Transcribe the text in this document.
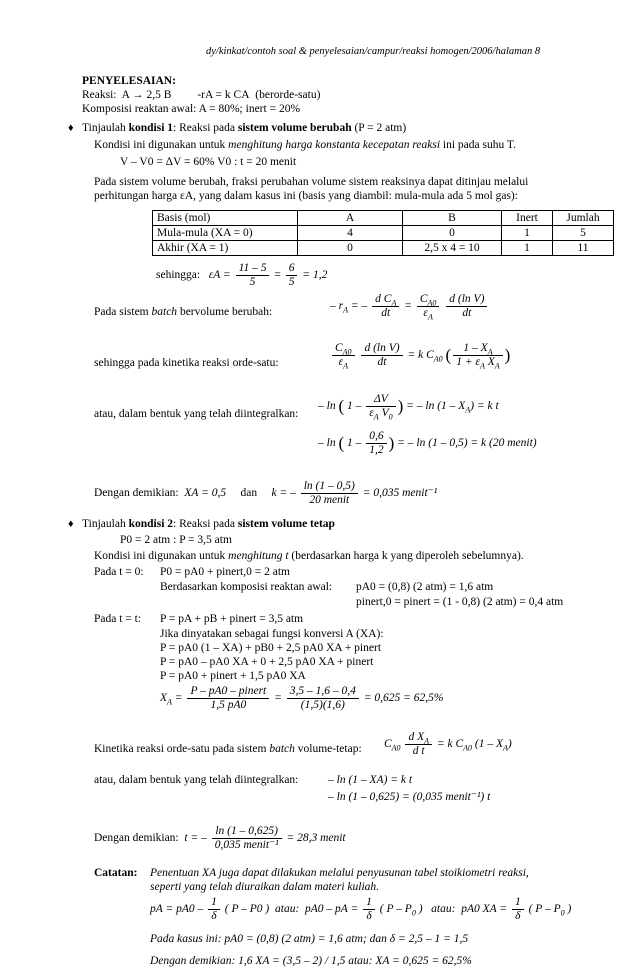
dy/kinkat/contoh soal & penyelesaian/campur/reaksi homogen/2006/halaman 8
PENYELESAIAN:
Reaksi: A → 2,5 B -rA = k CA (berorde-satu)
Komposisi reaktan awal: A = 80%; inert = 20%
♦ Tinjaulah kondisi 1: Reaksi pada sistem volume berubah (P = 2 atm)
Kondisi ini digunakan untuk menghitung harga konstanta kecepatan reaksi ini pada suhu T.
V – V0 = ΔV = 60% V0 : t = 20 menit
Pada sistem volume berubah, fraksi perubahan volume sistem reaksinya dapat ditinjau melalui
perhitungan harga εA, yang dalam kasus ini (basis yang diambil: mula-mula ada 5 mol gas):
Basis (mol)	A	B	Inert	Jumlah
Mula-mula (XA = 0)	4	0	1	5
Akhir (XA = 1)	0	2,5 x 4 = 10	1	11
sehingga: $\varepsilon A = \frac{11 - 5}{5} = \frac{6}{5} = 1,2$
Pada sistem batch bervolume berubah:	– $r_A$ = – $\frac{d C_A}{dt} = \frac{C_{A0}}{\varepsilon_A}$
$\frac{\text{d (ln V)}}{dt}$
sehingga pada kinetika reaksi orde-satu:	$\frac{C_{A0}}{\varepsilon_A}$
$\frac{\text{d (ln V)}}{dt} = k$ $C_{A0}$ ( $\frac{1 - X_A}{1 + \varepsilon_A X_A}$ )
atau, dalam bentuk yang telah diintegralkan:
– ln ( $1 - \frac{\Delta V}{\varepsilon_A V_0}$ ) = – $\ln (1 - X_A) = k$ t
– ln ( $1 - \frac{0,6}{1,2}$ ) = – ln (1 – 0,5) = k (20 menit)
Dengan demikian: XA = 0,5 dan k = – $\frac{\ln (1 - 0,5)}{\text{20 menit}} = 0,035$ menit⁻¹
♦ Tinjaulah kondisi 2: Reaksi pada sistem volume tetap
P0 = 2 atm : P = 3,5 atm
Kondisi ini digunakan untuk menghitung t (berdasarkan harga k yang diperoleh sebelumnya).
Pada t = 0: P0 = pA0 + pinert,0 = 2 atm
Berdasarkan komposisi reaktan awal: pA0 = (0,8) (2 atm) = 1,6 atm
pinert,0 = pinert = (1 - 0,8) (2 atm) = 0,4 atm
Pada t = t: P = pA + pB + pinert = 3,5 atm
Jika dinyatakan sebagai fungsi konversi A (XA):
P = pA0 (1 – XA) + pB0 + 2,5 pA0 XA + pinert
P = pA0 – pA0 XA + 0 + 2,5 pA0 XA + pinert
P = pA0 + pinert + 1,5 pA0 XA
$X_A = \frac{\text{P – pA0 – pinert}}{1,5 pA0} = \frac{3,5 - 1,6 - 0,4}{(1,5)(1,6)} = 0,625 = 62,5\%$
Kinetika reaksi orde-satu pada sistem batch volume-tetap: $C_{A0} \frac{d X_A}{\text{d t}} = k$ $C_{A0}$ $(1 - X_A)$
atau, dalam bentuk yang telah diintegralkan:	– ln (1 – XA) = k t
– ln (1 – 0,625) = (0,035 menit⁻¹) t
Dengan demikian: t = – $\frac{\ln (1 - 0,625)}{\text{0,035 menit⁻¹}} = 28,3$ menit
Catatan: Penentuan XA juga dapat dilakukan melalui penyusunan tabel stoikiometri reaksi,
seperti yang telah diuraikan dalam materi kuliah.
pA = $pA0 - \frac{1}{\delta}$ ( P – P0 ) atau: pA0 – pA = $\frac{1}{\delta}$ ( P – $P_0$ ) atau: pA0 XA = $\frac{1}{\delta}$ ( P – $P_0$ )
Pada kasus ini: pA0 = (0,8) (2 atm) = 1,6 atm; dan δ = 2,5 – 1 = 1,5
Dengan demikian: 1,6 XA = (3,5 – 2) / 1,5 atau: XA = 0,625 = 62,5%
